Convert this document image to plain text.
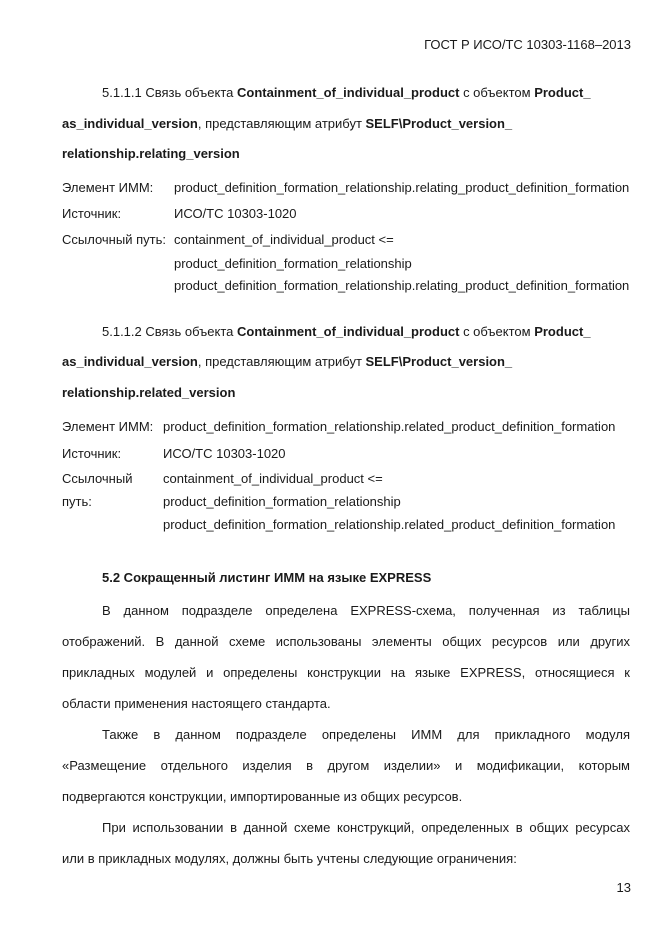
ГОСТ Р ИСО/ТС 10303-1168–2013
5.1.1.1 Связь объекта Containment_of_individual_product с объектом Product_
as_individual_version, представляющим атрибут SELF\Product_version_
relationship.relating_version
Элемент ИММ: product_definition_formation_relationship.relating_product_definition_formation
Источник:	ИСО/ТС 10303-1020
Ссылочный путь: containment_of_individual_product <=
product_definition_formation_relationship
product_definition_formation_relationship.relating_product_definition_formation
5.1.1.2 Связь объекта Containment_of_individual_product с объектом Product_
as_individual_version, представляющим атрибут SELF\Product_version_
relationship.related_version
Элемент ИММ: product_definition_formation_relationship.related_product_definition_formation
Источник:	ИСО/ТС 10303-1020
Ссылочный
путь:
containment_of_individual_product <=
product_definition_formation_relationship
product_definition_formation_relationship.related_product_definition_formation
5.2 Сокращенный листинг ИММ на языке EXPRESS
В данном подразделе определена EXPRESS-схема, полученная из таблицы
отображений. В данной схеме использованы элементы общих ресурсов или других
прикладных модулей и определены конструкции на языке EXPRESS, относящиеся к
области применения настоящего стандарта.
Также в данном подразделе определены ИММ для прикладного модуля
«Размещение отдельного изделия в другом изделии» и модификации, которым
подвергаются конструкции, импортированные из общих ресурсов.
При использовании в данной схеме конструкций, определенных в общих ресурсах
или в прикладных модулях, должны быть учтены следующие ограничения:
13
